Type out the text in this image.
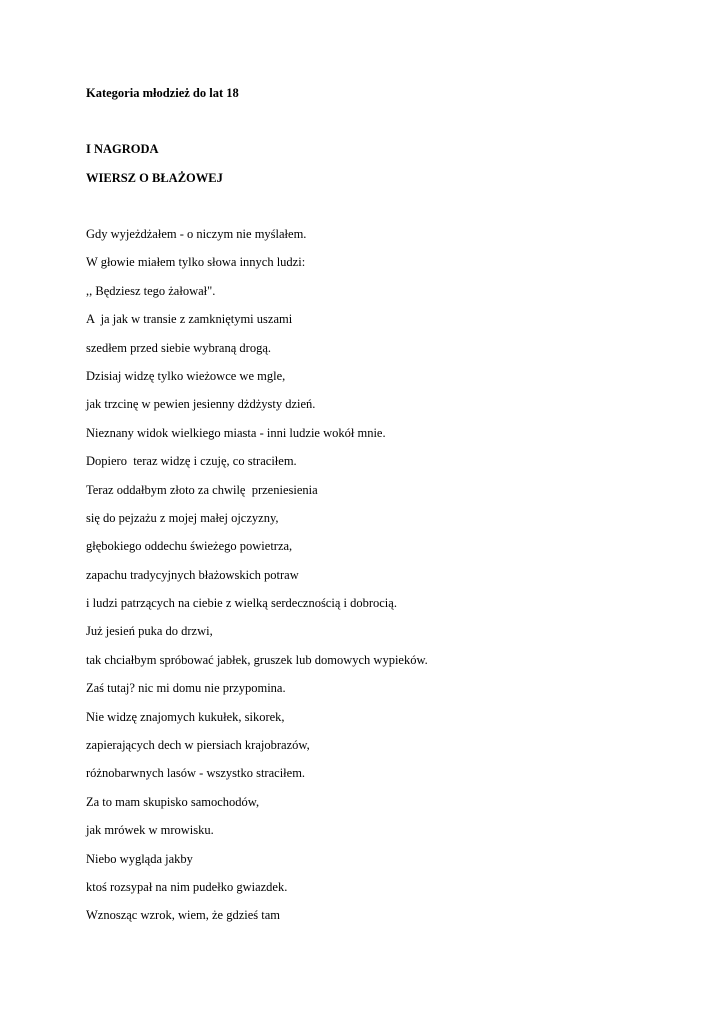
Kategoria młodzież do lat 18
I NAGRODA
WIERSZ O BŁAŻOWEJ
Gdy wyjeżdżałem - o niczym nie myślałem.
W głowie miałem tylko słowa innych ludzi:
,, Będziesz tego żałował".
A  ja jak w transie z zamkniętymi uszami
szedłem przed siebie wybraną drogą.
Dzisiaj widzę tylko wieżowce we mgle,
jak trzcinę w pewien jesienny dżdżysty dzień.
Nieznany widok wielkiego miasta - inni ludzie wokół mnie.
Dopiero  teraz widzę i czuję, co straciłem.
Teraz oddałbym złoto za chwilę  przeniesienia
się do pejzażu z mojej małej ojczyzny,
głębokiego oddechu świeżego powietrza,
zapachu tradycyjnych błażowskich potraw
i ludzi patrzących na ciebie z wielką serdecznością i dobrocią.
Już jesień puka do drzwi,
tak chciałbym spróbować jabłek, gruszek lub domowych wypieków.
Zaś tutaj? nic mi domu nie przypomina.
Nie widzę znajomych kukułek, sikorek,
zapierających dech w piersiach krajobrazów,
różnobarwnych lasów - wszystko straciłem.
Za to mam skupisko samochodów,
jak mrówek w mrowisku.
Niebo wygląda jakby
ktoś rozsypał na nim pudełko gwiazdek.
Wznosząc wzrok, wiem, że gdzieś tam
